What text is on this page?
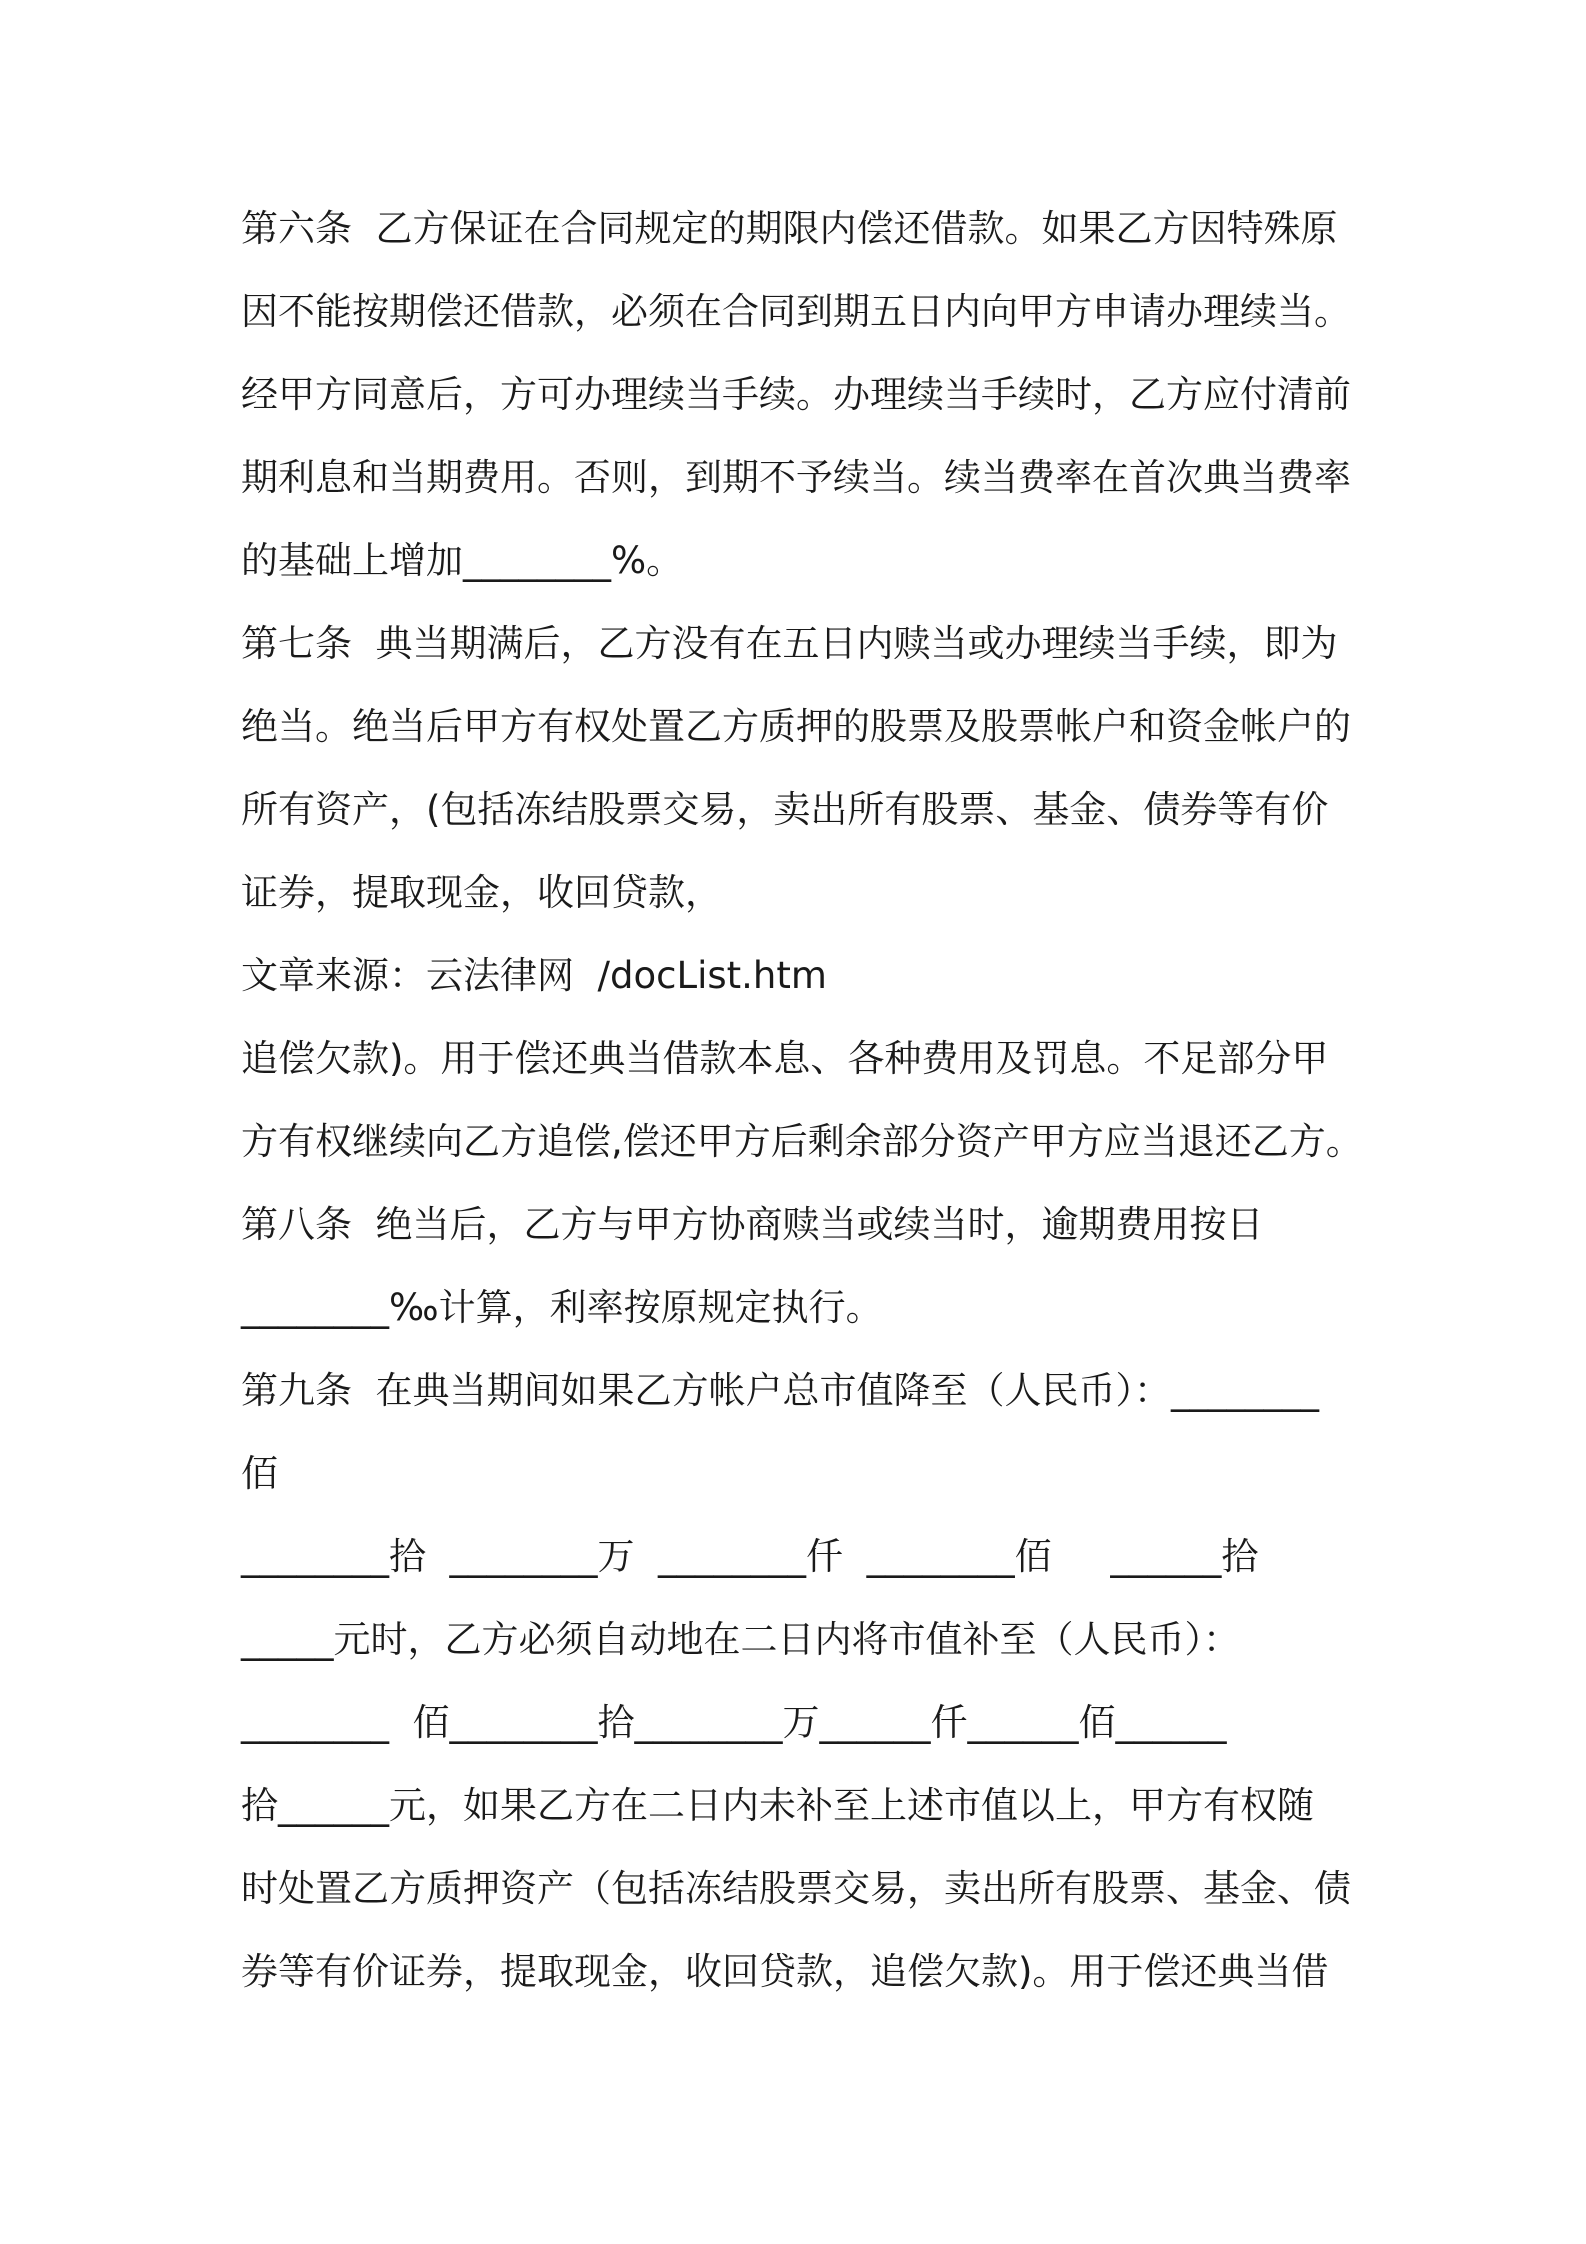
第六条  乙方保证在合同规定的期限内偿还借款。如果乙方因特殊原
因不能按期偿还借款，必须在合同到期五日内向甲方申请办理续当。
经甲方同意后，方可办理续当手续。办理续当手续时，乙方应付清前
期利息和当期费用。否则，到期不予续当。续当费率在首次典当费率
的基础上增加________%。
第七条  典当期满后，乙方没有在五日内赎当或办理续当手续，即为
绝当。绝当后甲方有权处置乙方质押的股票及股票帐户和资金帐户的
所有资产，(包括冻结股票交易，卖出所有股票、基金、债券等有价
证券，提取现金，收回贷款，
文章来源：云法律网  /docList.htm
追偿欠款)。用于偿还典当借款本息、各种费用及罚息。不足部分甲
方有权继续向乙方追偿,偿还甲方后剩余部分资产甲方应当退还乙方。
第八条  绝当后，乙方与甲方协商赎当或续当时，逾期费用按日
________‰计算，利率按原规定执行。
第九条  在典当期间如果乙方帐户总市值降至（人民币）：________
佰
________拾  ________万  ________仟  ________佰     ______拾
_____元时，乙方必须自动地在二日内将市值补至（人民币）：
________  佰________拾________万______仟______佰______
拾______元，如果乙方在二日内未补至上述市值以上，甲方有权随
时处置乙方质押资产（包括冻结股票交易，卖出所有股票、基金、债
券等有价证券，提取现金，收回贷款，追偿欠款)。用于偿还典当借
